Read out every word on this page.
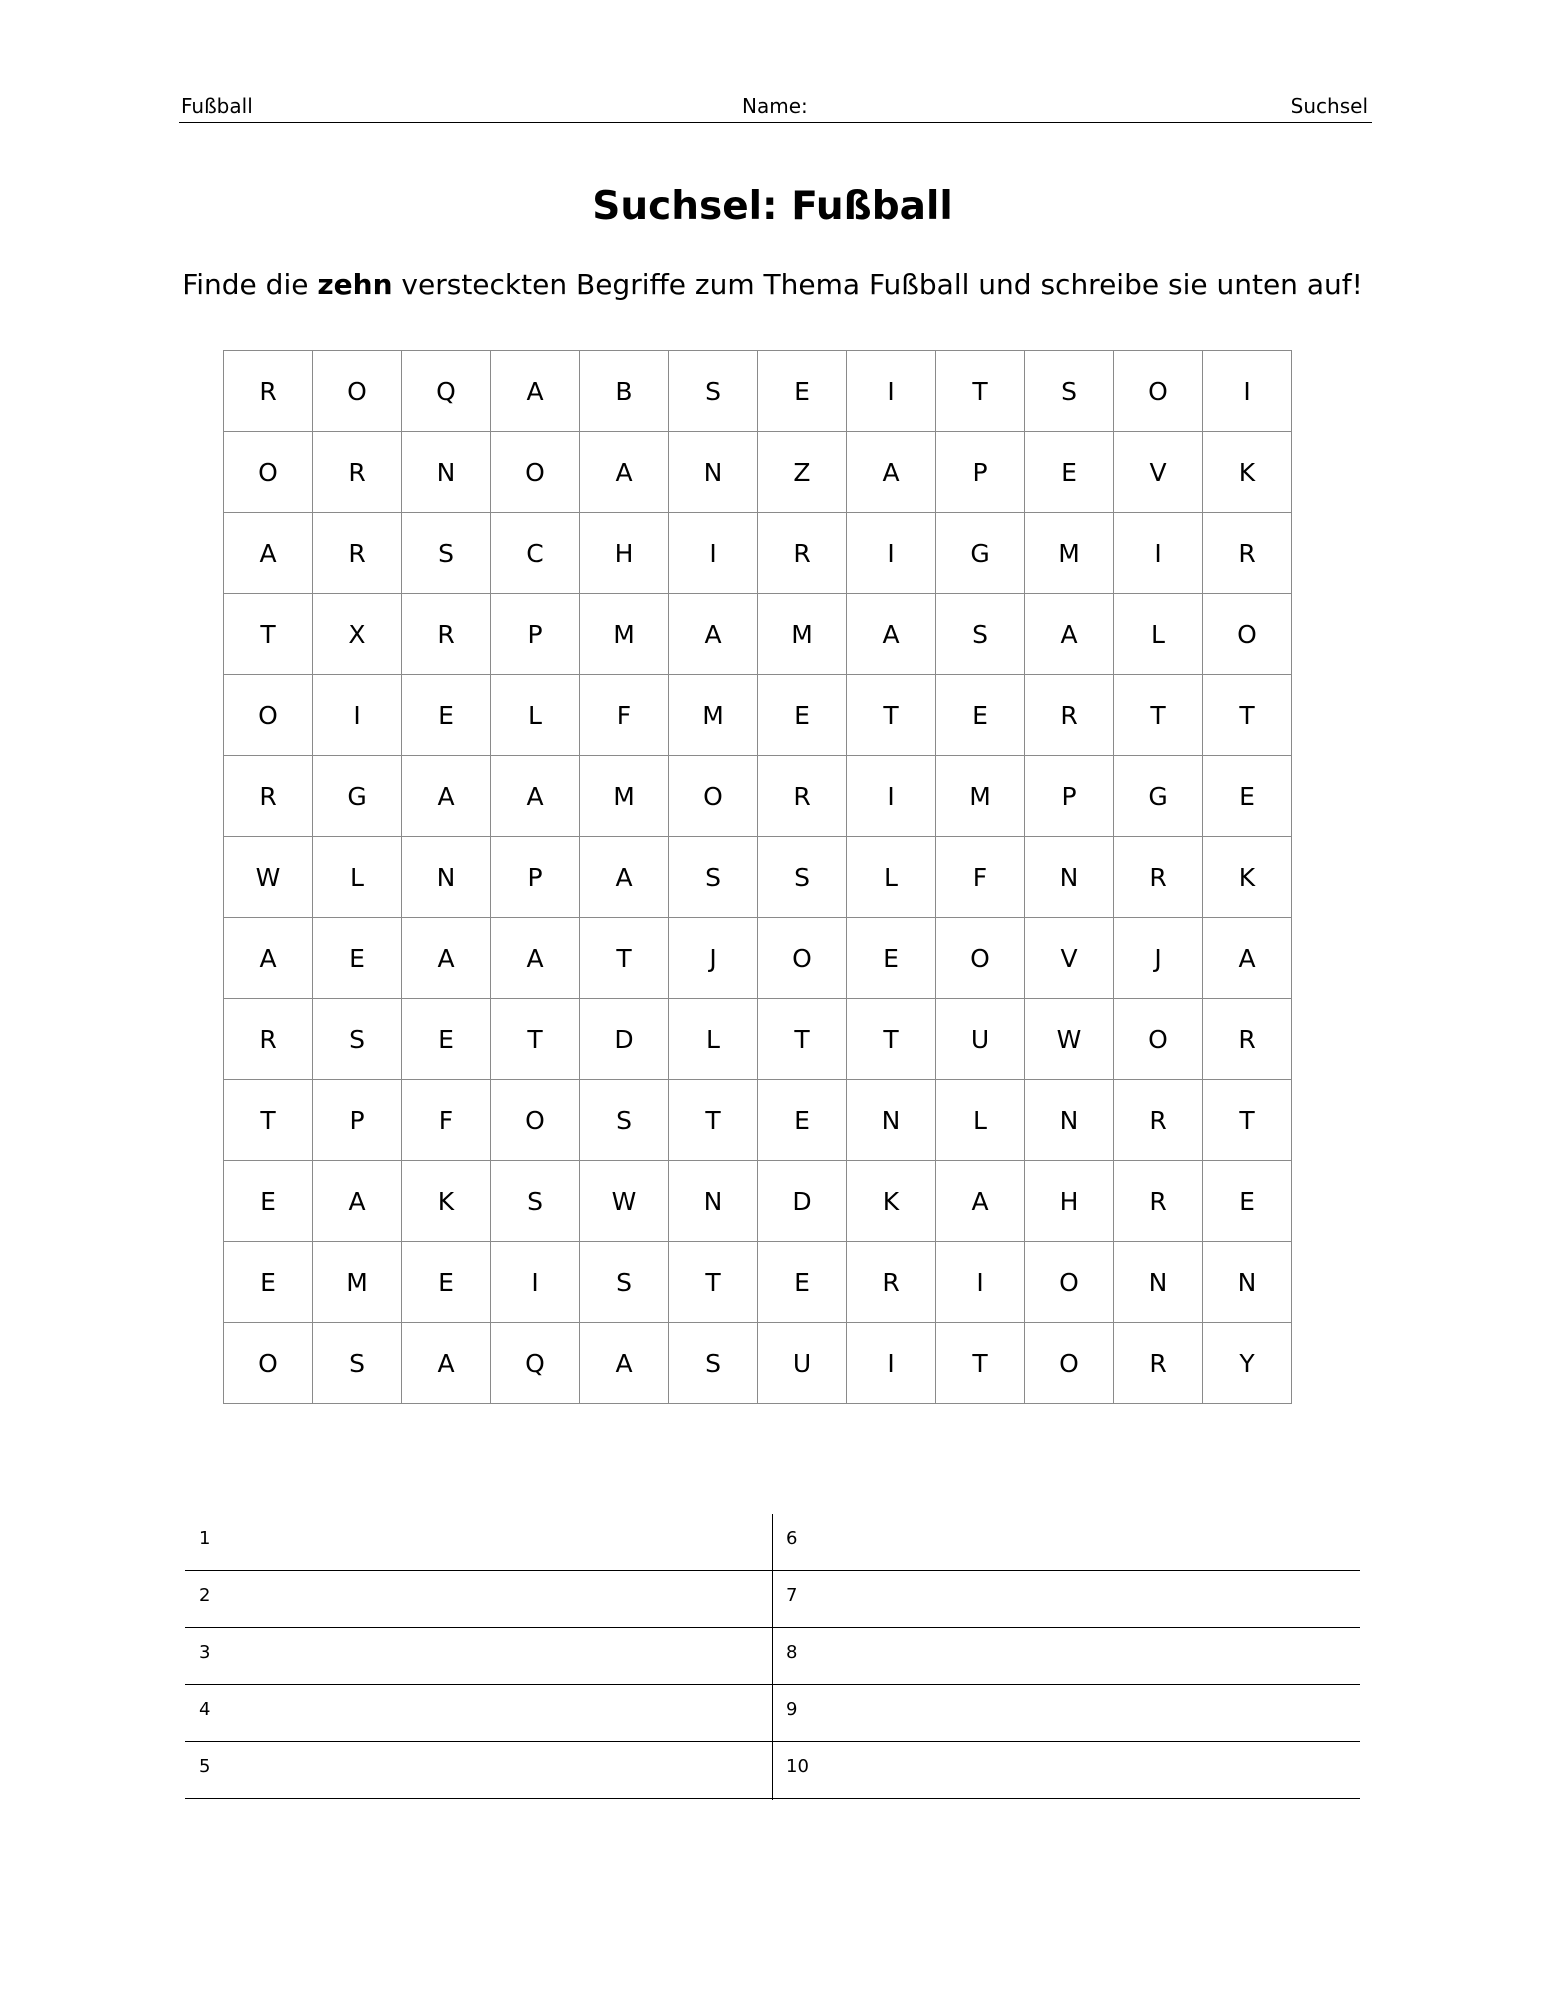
Fußball	Name:	Suchsel
Suchsel: Fußball
Finde die zehn versteckten Begriffe zum Thema Fußball und schreibe sie unten auf!
R	O	Q	A	B	S	E	I	T	S	O	I
O	R	N	O	A	N	Z	A	P	E	V	K
A	R	S	C	H	I	R	I	G	M	I	R
T	X	R	P	M	A	M	A	S	A	L	O
O	I	E	L	F	M	E	T	E	R	T	T
R	G	A	A	M	O	R	I	M	P	G	E
W	L	N	P	A	S	S	L	F	N	R	K
A	E	A	A	T	J	O	E	O	V	J	A
R	S	E	T	D	L	T	T	U	W	O	R
T	P	F	O	S	T	E	N	L	N	R	T
E	A	K	S	W	N	D	K	A	H	R	E
E	M	E	I	S	T	E	R	I	O	N	N
O	S	A	Q	A	S	U	I	T	O	R	Y
1	6
2	7
3	8
4	9
5	10
